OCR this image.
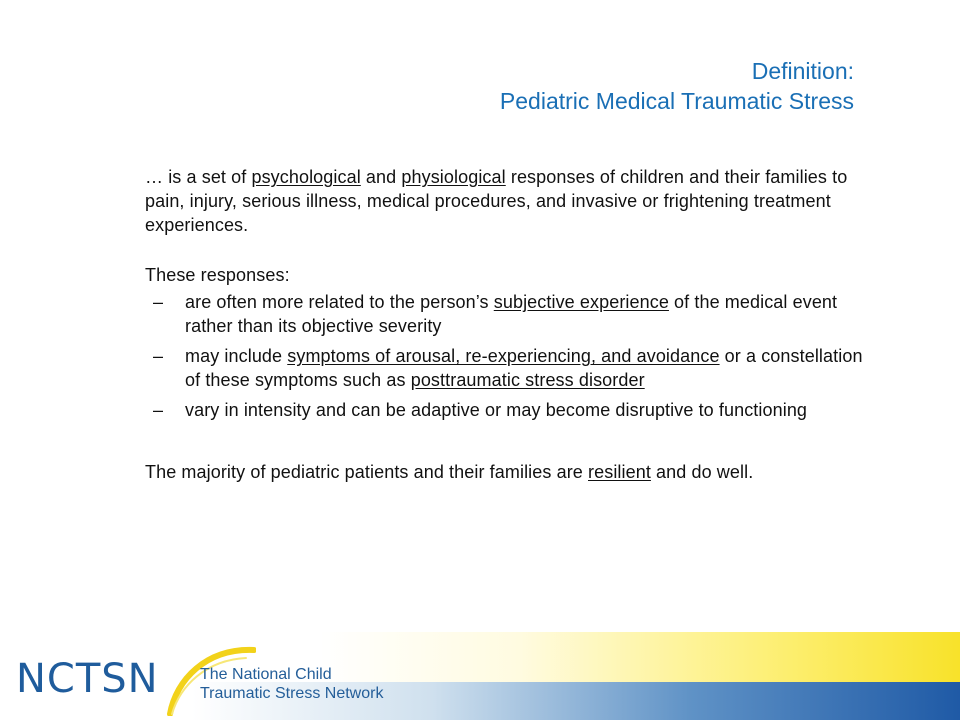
Definition:
Pediatric Medical Traumatic Stress

… is a set of psychological and physiological responses of children and their families to pain, injury, serious illness, medical procedures, and invasive or frightening treatment experiences.

These responses:

–	are often more related to the person’s subjective experience of the medical event rather than its objective severity
–	may include symptoms of arousal, re-experiencing, and avoidance or a constellation of these symptoms such as posttraumatic stress disorder
–	vary in intensity and can be adaptive or may become disruptive to functioning

The majority of pediatric patients and their families are resilient and do well.

NCTSN	The National Child
Traumatic Stress Network
